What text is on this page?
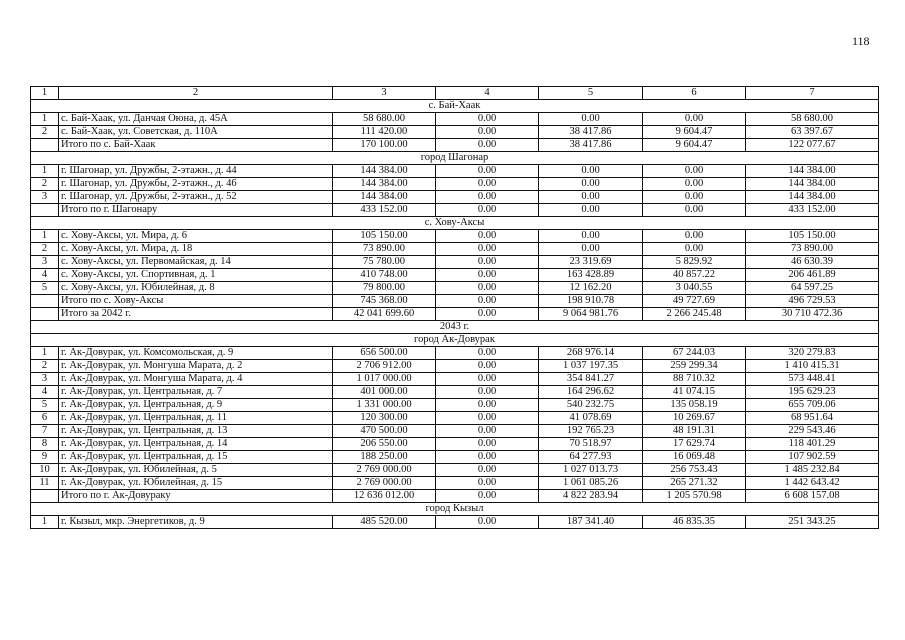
118
1	2	3	4	5	6	7
с. Бай-Хаак						
1	с. Бай-Хаак, ул. Данчая Оюна, д. 45А	58 680.00	0.00	0.00	0.00	58 680.00
2	с. Бай-Хаак, ул. Советская, д. 110А	111 420.00	0.00	38 417.86	9 604.47	63 397.67
	Итого по с. Бай-Хаак	170 100.00	0.00	38 417.86	9 604.47	122 077.67
город Шагонар						
1	г. Шагонар, ул. Дружбы, 2-этажн., д. 44	144 384.00	0.00	0.00	0.00	144 384.00
2	г. Шагонар, ул. Дружбы, 2-этажн., д. 46	144 384.00	0.00	0.00	0.00	144 384.00
3	г. Шагонар, ул. Дружбы, 2-этажн., д. 52	144 384.00	0.00	0.00	0.00	144 384.00
	Итого по г. Шагонару	433 152.00	0.00	0.00	0.00	433 152.00
с. Хову-Аксы						
1	с. Хову-Аксы, ул. Мира, д. 6	105 150.00	0.00	0.00	0.00	105 150.00
2	с. Хову-Аксы, ул. Мира, д. 18	73 890.00	0.00	0.00	0.00	73 890.00
3	с. Хову-Аксы, ул. Первомайская, д. 14	75 780.00	0.00	23 319.69	5 829.92	46 630.39
4	с. Хову-Аксы, ул. Спортивная, д. 1	410 748.00	0.00	163 428.89	40 857.22	206 461.89
5	с. Хову-Аксы, ул. Юбилейная, д. 8	79 800.00	0.00	12 162.20	3 040.55	64 597.25
	Итого по с. Хову-Аксы	745 368.00	0.00	198 910.78	49 727.69	496 729.53
	Итого за 2042 г.	42 041 699.60	0.00	9 064 981.76	2 266 245.48	30 710 472.36
2043 г.						
город Ак-Довурак						
1	г. Ак-Довурак, ул. Комсомольская, д. 9	656 500.00	0.00	268 976.14	67 244.03	320 279.83
2	г. Ак-Довурак, ул. Монгуша Марата, д. 2	2 706 912.00	0.00	1 037 197.35	259 299.34	1 410 415.31
3	г. Ак-Довурак, ул. Монгуша Марата, д. 4	1 017 000.00	0.00	354 841.27	88 710.32	573 448.41
4	г. Ак-Довурак, ул. Центральная, д. 7	401 000.00	0.00	164 296.62	41 074.15	195 629.23
5	г. Ак-Довурак, ул. Центральная, д. 9	1 331 000.00	0.00	540 232.75	135 058.19	655 709.06
6	г. Ак-Довурак, ул. Центральная, д. 11	120 300.00	0.00	41 078.69	10 269.67	68 951.64
7	г. Ак-Довурак, ул. Центральная, д. 13	470 500.00	0.00	192 765.23	48 191.31	229 543.46
8	г. Ак-Довурак, ул. Центральная, д. 14	206 550.00	0.00	70 518.97	17 629.74	118 401.29
9	г. Ак-Довурак, ул. Центральная, д. 15	188 250.00	0.00	64 277.93	16 069.48	107 902.59
10	г. Ак-Довурак, ул. Юбилейная, д. 5	2 769 000.00	0.00	1 027 013.73	256 753.43	1 485 232.84
11	г. Ак-Довурак, ул. Юбилейная, д. 15	2 769 000.00	0.00	1 061 085.26	265 271.32	1 442 643.42
	Итого по г. Ак-Довураку	12 636 012.00	0.00	4 822 283.94	1 205 570.98	6 608 157.08
город Кызыл						
1	г. Кызыл, мкр. Энергетиков, д. 9	485 520.00	0.00	187 341.40	46 835.35	251 343.25
